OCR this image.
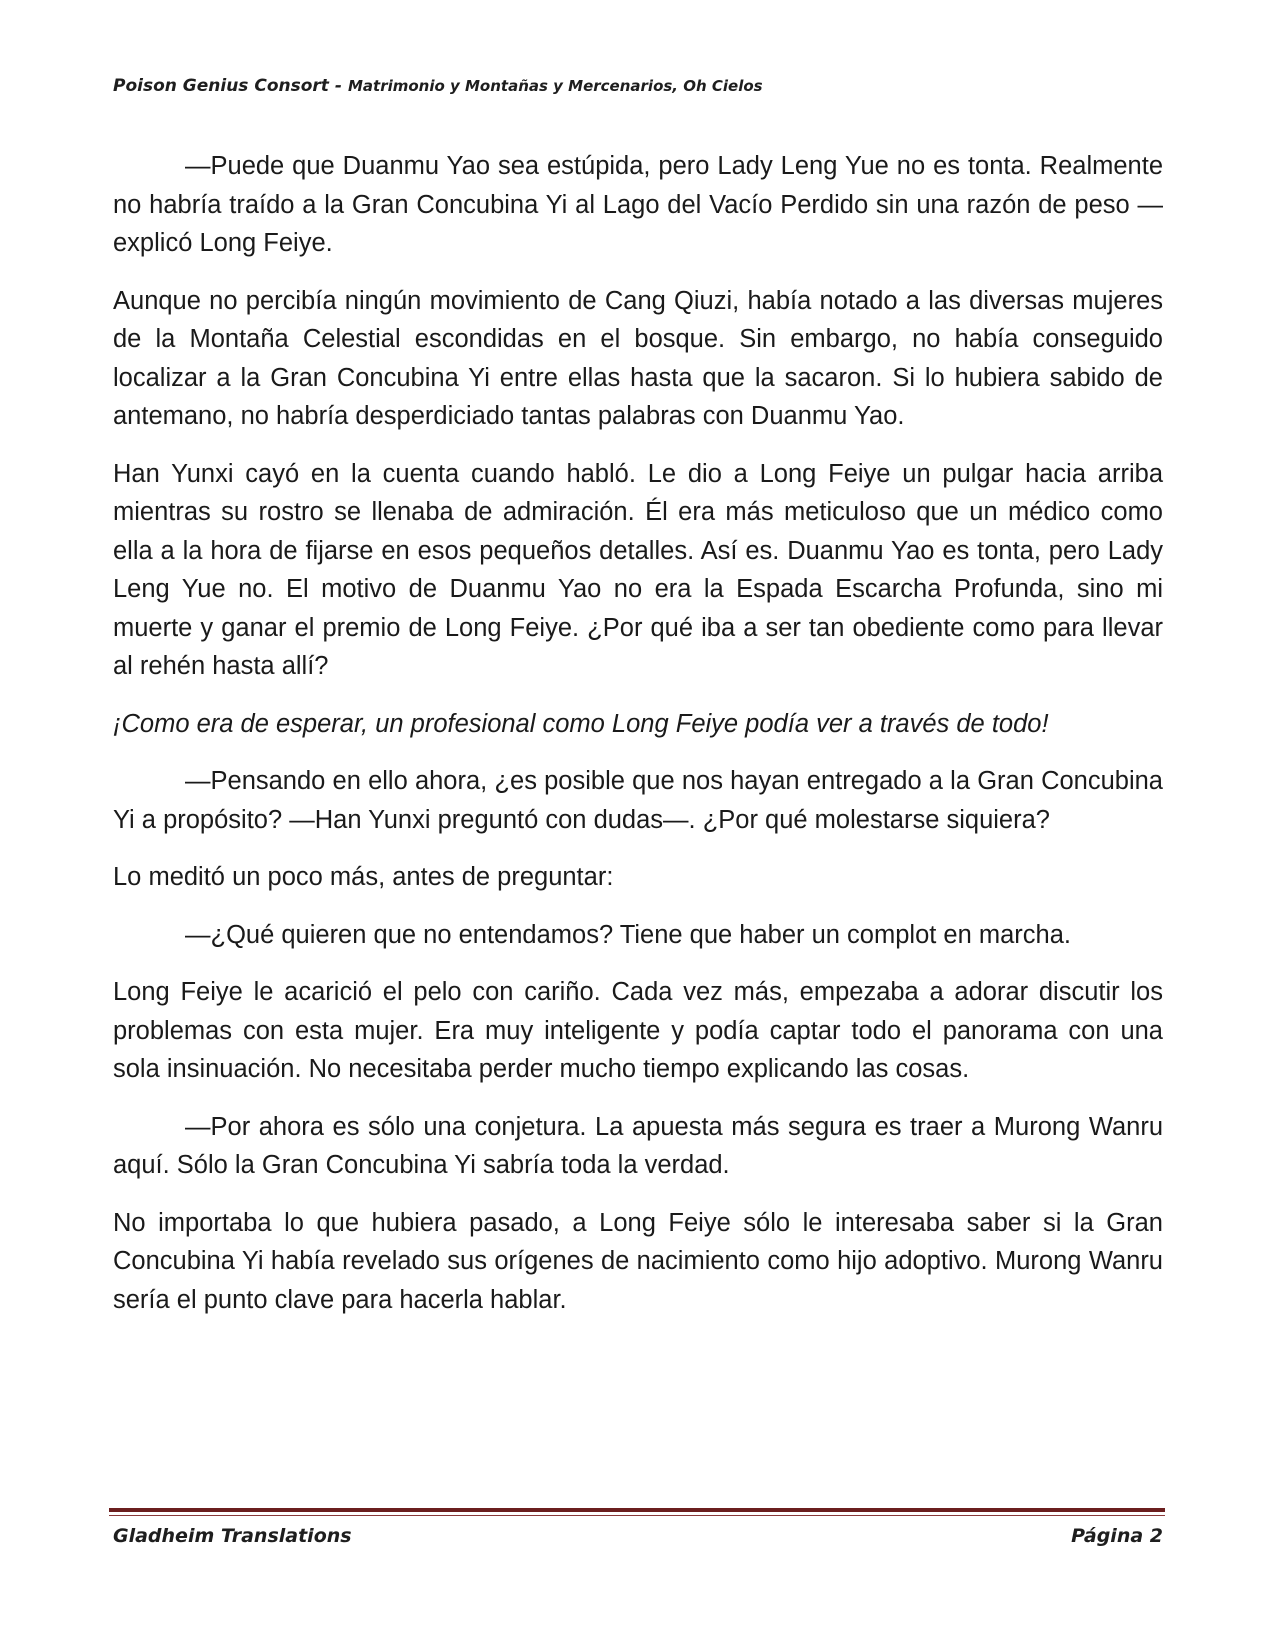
Poison Genius Consort - Matrimonio y Montañas y Mercenarios, Oh Cielos

—Puede que Duanmu Yao sea estúpida, pero Lady Leng Yue no es tonta. Realmente no habría traído a la Gran Concubina Yi al Lago del Vacío Perdido sin una razón de peso —explicó Long Feiye.

Aunque no percibía ningún movimiento de Cang Qiuzi, había notado a las diversas mujeres de la Montaña Celestial escondidas en el bosque. Sin embargo, no había conseguido localizar a la Gran Concubina Yi entre ellas hasta que la sacaron. Si lo hubiera sabido de antemano, no habría desperdiciado tantas palabras con Duanmu Yao.

Han Yunxi cayó en la cuenta cuando habló. Le dio a Long Feiye un pulgar hacia arriba mientras su rostro se llenaba de admiración. Él era más meticuloso que un médico como ella a la hora de fijarse en esos pequeños detalles. Así es. Duanmu Yao es tonta, pero Lady Leng Yue no. El motivo de Duanmu Yao no era la Espada Escarcha Profunda, sino mi muerte y ganar el premio de Long Feiye. ¿Por qué iba a ser tan obediente como para llevar al rehén hasta allí?

¡Como era de esperar, un profesional como Long Feiye podía ver a través de todo!

—Pensando en ello ahora, ¿es posible que nos hayan entregado a la Gran Concubina Yi a propósito? —Han Yunxi preguntó con dudas—. ¿Por qué molestarse siquiera?

Lo meditó un poco más, antes de preguntar:

—¿Qué quieren que no entendamos? Tiene que haber un complot en marcha.

Long Feiye le acarició el pelo con cariño. Cada vez más, empezaba a adorar discutir los problemas con esta mujer. Era muy inteligente y podía captar todo el panorama con una sola insinuación. No necesitaba perder mucho tiempo explicando las cosas.

—Por ahora es sólo una conjetura. La apuesta más segura es traer a Murong Wanru aquí. Sólo la Gran Concubina Yi sabría toda la verdad.

No importaba lo que hubiera pasado, a Long Feiye sólo le interesaba saber si la Gran Concubina Yi había revelado sus orígenes de nacimiento como hijo adoptivo. Murong Wanru sería el punto clave para hacerla hablar.

Gladheim Translations	Página 2
